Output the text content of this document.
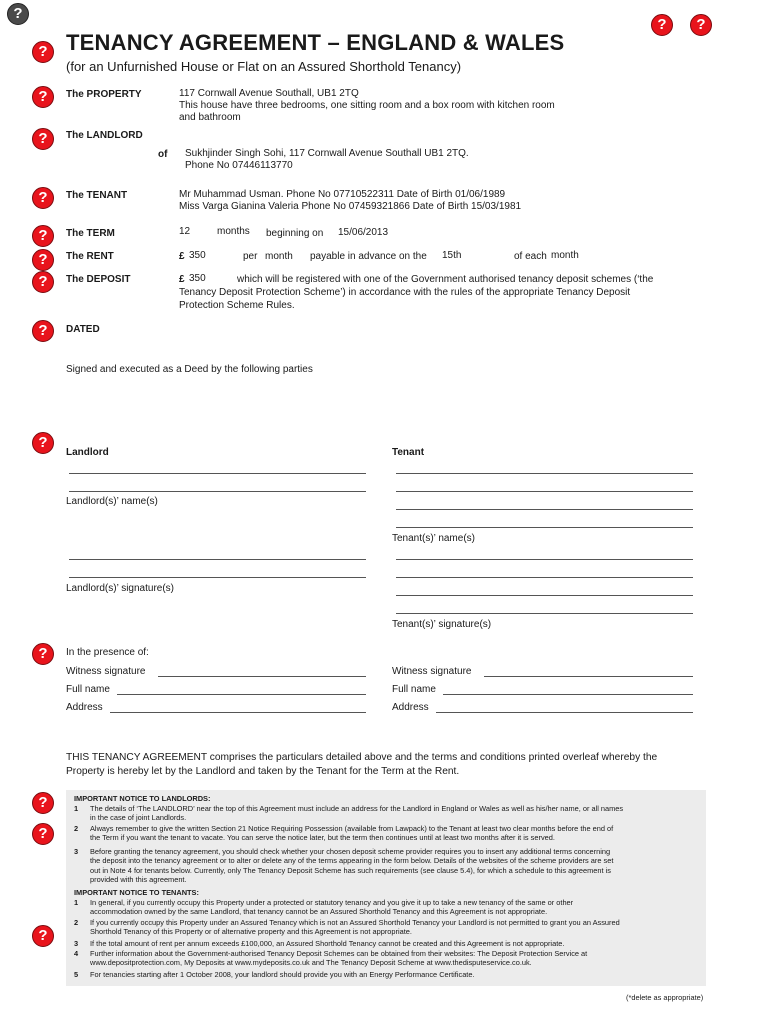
?
?	?
?
?
?
?
?
?
?
?
?
?
?
?
?
TENANCY AGREEMENT – ENGLAND & WALES
(for an Unfurnished House or Flat on an Assured Shorthold Tenancy)
The PROPERTY	117 Cornwall Avenue Southall, UB1 2TQ
This house have three bedrooms, one sitting room and a box room with kitchen room
and bathroom
The LANDLORD
of Sukhjinder Singh Sohi, 117 Cornwall Avenue Southall UB1 2TQ.
Phone No 07446113770
The TENANT	Mr Muhammad Usman. Phone No 07710522311 Date of Birth 01/06/1989
Miss Varga Gianina Valeria Phone No 07459321866 Date of Birth 15/03/1981
The TERM	12	months beginning on 15/06/2013
The RENT	£ 350	per month payable in advance on the 15th	of each month
The DEPOSIT	£ 350	which will be registered with one of the Government authorised tenancy deposit schemes (‘the
Tenancy Deposit Protection Scheme’) in accordance with the rules of the appropriate Tenancy Deposit
Protection Scheme Rules.
DATED
Signed and executed as a Deed by the following parties
Landlord	Tenant
Landlord(s)’ name(s)
Tenant(s)’ name(s)
Landlord(s)’ signature(s)
Tenant(s)’ signature(s)
In the presence of:
Witness signature
Full name
Address
Witness signature
Full name
Address
THIS TENANCY AGREEMENT comprises the particulars detailed above and the terms and conditions printed overleaf whereby the
Property is hereby let by the Landlord and taken by the Tenant for the Term at the Rent.
IMPORTANT NOTICE TO LANDLORDS:
1 The details of ‘The LANDLORD’ near the top of this Agreement must include an address for the Landlord in England or Wales as well as his/her name, or all names
in the case of joint Landlords.
2 Always remember to give the written Section 21 Notice Requiring Possession (available from Lawpack) to the Tenant at least two clear months before the end of
the Term if you want the tenant to vacate. You can serve the notice later, but the term then continues until at least two months after it is served.
3 Before granting the tenancy agreement, you should check whether your chosen deposit scheme provider requires you to insert any additional terms concerning
the deposit into the tenancy agreement or to alter or delete any of the terms appearing in the form below. Details of the websites of the scheme providers are set
out in Note 4 for tenants below. Currently, only The Tenancy Deposit Scheme has such requirements (see clause 5.4), for which a schedule to this agreement is
provided with this agreement.
IMPORTANT NOTICE TO TENANTS:
1 In general, if you currently occupy this Property under a protected or statutory tenancy and you give it up to take a new tenancy of the same or other
accommodation owned by the same Landlord, that tenancy cannot be an Assured Shorthold Tenancy and this Agreement is not appropriate.
2 If you currently occupy this Property under an Assured Tenancy which is not an Assured Shorthold Tenancy your Landlord is not permitted to grant you an Assured
Shorthold Tenancy of this Property or of alternative property and this Agreement is not appropriate.
3 If the total amount of rent per annum exceeds £100,000, an Assured Shorthold Tenancy cannot be created and this Agreement is not appropriate.
4 Further information about the Government-authorised Tenancy Deposit Schemes can be obtained from their websites: The Deposit Protection Service at
www.depositprotection.com, My Deposits at www.mydeposits.co.uk and The Tenancy Deposit Scheme at www.thedisputeservice.co.uk.
5 For tenancies starting after 1 October 2008, your landlord should provide you with an Energy Performance Certificate.
(*delete as appropriate)
